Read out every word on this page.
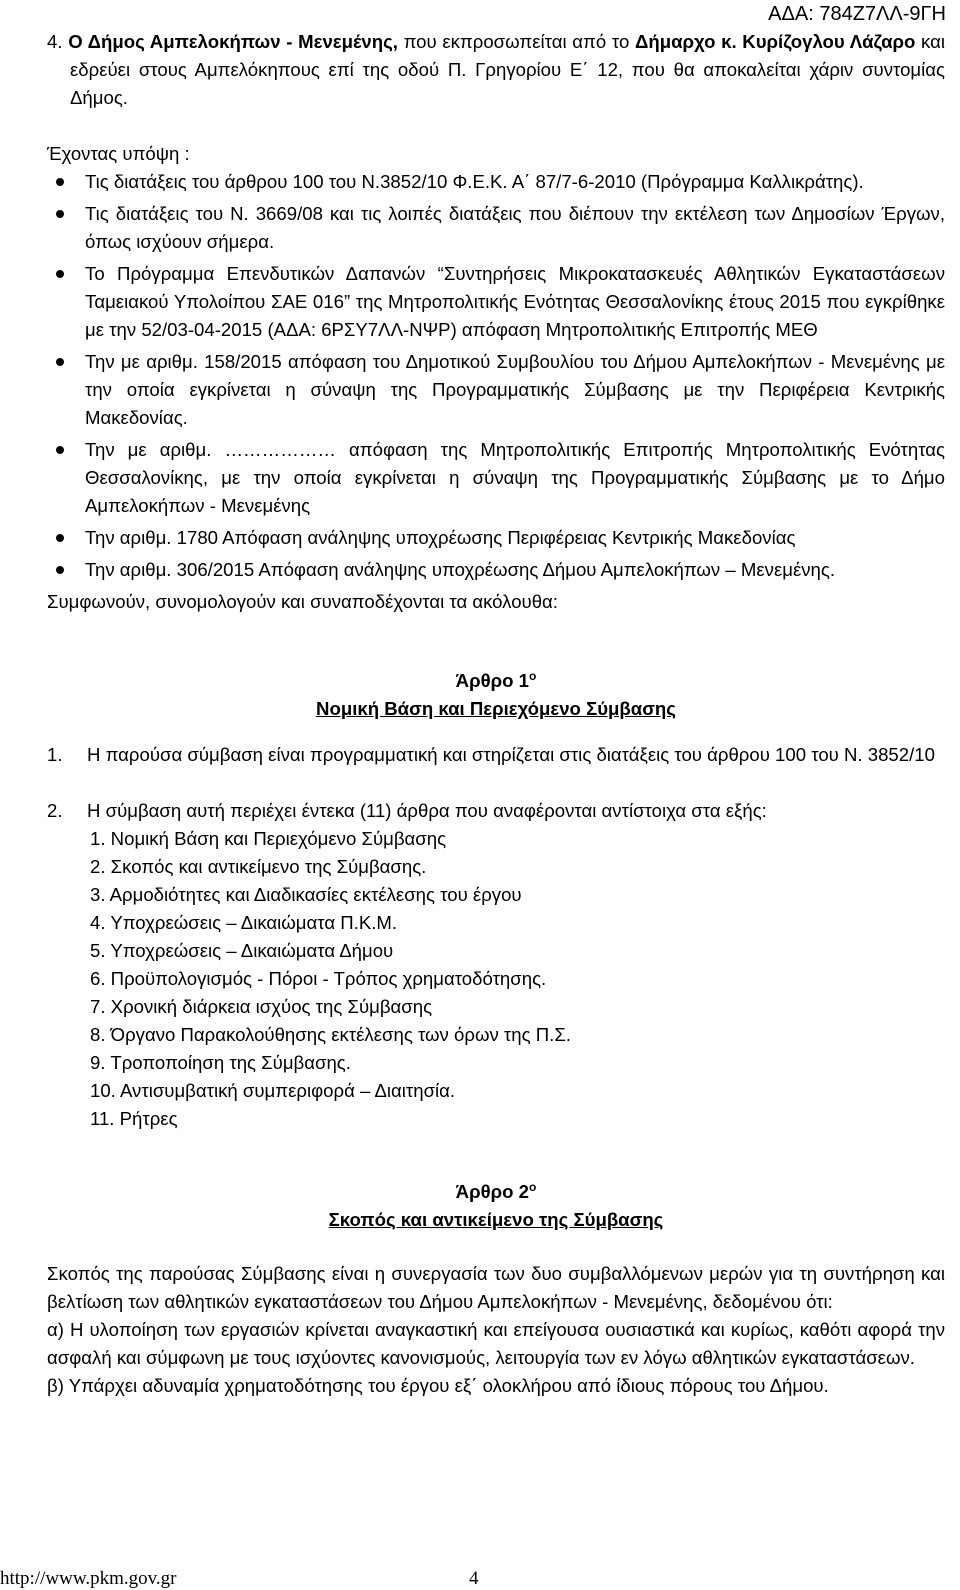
ΑΔΑ: 784Ζ7ΛΛ-9ΓΗ

4. Ο Δήμος Αμπελοκήπων - Μενεμένης, που εκπροσωπείται από το Δήμαρχο κ. Κυρίζογλου Λάζαρο και εδρεύει στους Αμπελόκηπους επί της οδού Π. Γρηγορίου Ε΄ 12, που θα αποκαλείται χάριν συντομίας Δήμος.

Έχοντας υπόψη :

Τις διατάξεις του άρθρου 100 του Ν.3852/10 Φ.Ε.Κ. Α΄ 87/7-6-2010 (Πρόγραμμα Καλλικράτης).
Τις διατάξεις του Ν. 3669/08 και τις λοιπές διατάξεις που διέπουν την εκτέλεση των Δημοσίων Έργων, όπως ισχύουν σήμερα.
Το Πρόγραμμα Επενδυτικών Δαπανών “Συντηρήσεις Μικροκατασκευές Αθλητικών Εγκαταστάσεων Ταμειακού Υπολοίπου ΣΑΕ 016” της Μητροπολιτικής Ενότητας Θεσσαλονίκης έτους 2015 που εγκρίθηκε με την 52/03-04-2015 (ΑΔΑ: 6ΡΣΥ7ΛΛ-ΝΨΡ) απόφαση Μητροπολιτικής Επιτροπής ΜΕΘ
Την με αριθμ. 158/2015 απόφαση του Δημοτικού Συμβουλίου του Δήμου Αμπελοκήπων - Μενεμένης με την οποία εγκρίνεται η σύναψη της Προγραμματικής Σύμβασης με την Περιφέρεια Κεντρικής Μακεδονίας.
Την με αριθμ. ……………… απόφαση της Μητροπολιτικής Επιτροπής Μητροπολιτικής Ενότητας Θεσσαλονίκης, με την οποία εγκρίνεται η σύναψη της Προγραμματικής Σύμβασης με το Δήμο Αμπελοκήπων - Μενεμένης
Την αριθμ. 1780 Απόφαση ανάληψης υποχρέωσης Περιφέρειας Κεντρικής Μακεδονίας
Την αριθμ. 306/2015 Απόφαση ανάληψης υποχρέωσης Δήμου Αμπελοκήπων – Μενεμένης.

Συμφωνούν, συνομολογούν και συναποδέχονται τα ακόλουθα:

Άρθρο $1^o$
Νομική Βάση και Περιεχόμενο Σύμβασης

1. Η παρούσα σύμβαση είναι προγραμματική και στηρίζεται στις διατάξεις του άρθρου 100 του Ν. 3852/10

2. Η σύμβαση αυτή περιέχει έντεκα (11) άρθρα που αναφέρονται αντίστοιχα στα εξής:

1. Νομική Βάση και Περιεχόμενο Σύμβασης
2. Σκοπός και αντικείμενο της Σύμβασης.
3. Αρμοδιότητες και Διαδικασίες εκτέλεσης του έργου
4. Υποχρεώσεις – Δικαιώματα Π.Κ.Μ.
5. Υποχρεώσεις – Δικαιώματα Δήμου
6. Προϋπολογισμός - Πόροι - Τρόπος χρηματοδότησης.
7. Χρονική διάρκεια ισχύος της Σύμβασης
8. Όργανο Παρακολούθησης εκτέλεσης των όρων της Π.Σ.
9. Τροποποίηση της Σύμβασης.
10. Αντισυμβατική συμπεριφορά – Διαιτησία.
11. Ρήτρες
Άρθρο $2^o$
Σκοπός και αντικείμενο της Σύμβασης

Σκοπός της παρούσας Σύμβασης είναι η συνεργασία των δυο συμβαλλόμενων μερών για τη συντήρηση και βελτίωση των αθλητικών εγκαταστάσεων του Δήμου Αμπελοκήπων - Μενεμένης, δεδομένου ότι:

α) Η υλοποίηση των εργασιών κρίνεται αναγκαστική και επείγουσα ουσιαστικά και κυρίως, καθότι αφορά την ασφαλή και σύμφωνη με τους ισχύοντες κανονισμούς, λειτουργία των εν λόγω αθλητικών εγκαταστάσεων.

β) Υπάρχει αδυναμία χρηματοδότησης του έργου εξ΄ ολοκλήρου από ίδιους πόρους του Δήμου.

http://www.pkm.gov.gr	4
